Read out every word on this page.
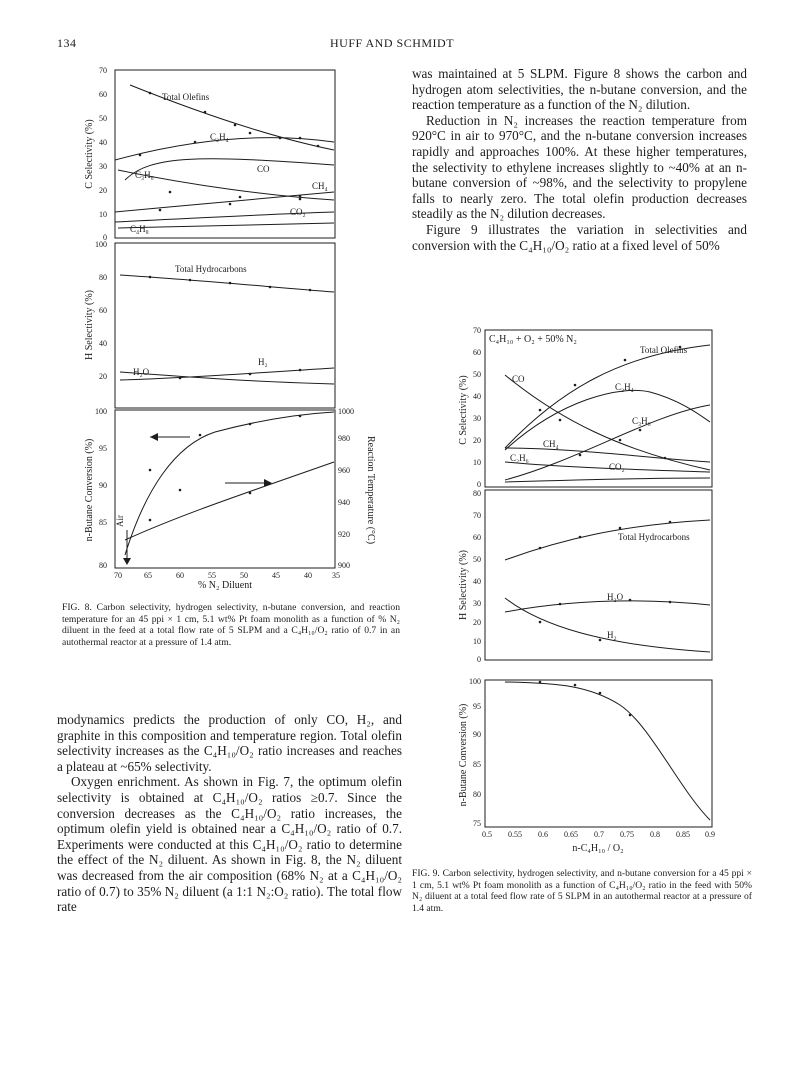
134	HUFF AND SCHMIDT

was maintained at 5 SLPM. Figure 8 shows the carbon and hydrogen atom selectivities, the n-butane conversion, and the reaction temperature as a function of the N₂ dilution.

Reduction in N₂ increases the reaction temperature from 920°C in air to 970°C, and the n-butane conversion increases rapidly and approaches 100%. At these higher temperatures, the selectivity to ethylene increases slightly to ~40% at an n-butane conversion of ~98%, and the selectivity to propylene falls to nearly zero. The total olefin production decreases steadily as the N₂ dilution decreases.

Figure 9 illustrates the variation in selectivities and conversion with the C₄H₁₀/O₂ ratio at a fixed level of 50%

modynamics predicts the production of only CO, H₂, and graphite in this composition and temperature region. Total olefin selectivity increases as the C₄H₁₀/O₂ ratio increases and reaches a plateau at ~65% selectivity.

Oxygen enrichment. As shown in Fig. 7, the optimum olefin selectivity is obtained at C₄H₁₀/O₂ ratios ≥0.7. Since the conversion decreases as the C₄H₁₀/O₂ ratio increases, the optimum olefin yield is obtained near a C₄H₁₀/O₂ ratio of 0.7. Experiments were conducted at this C₄H₁₀/O₂ ratio to determine the effect of the N₂ diluent. As shown in Fig. 8, the N₂ diluent was decreased from the air composition (68% N₂ at a C₄H₁₀/O₂ ratio of 0.7) to 35% N₂ diluent (a 1:1 N₂:O₂ ratio). The total flow rate

FIG. 8. Carbon selectivity, hydrogen selectivity, n-butane conversion, and reaction temperature for an 45 ppi × 1 cm, 5.1 wt% Pt foam monolith as a function of % N₂ diluent in the feed at a total flow rate of 5 SLPM and a C₄H₁₀/O₂ ratio of 0.7 in an autothermal reactor at a pressure of 1.4 atm.
FIG. 9. Carbon selectivity, hydrogen selectivity, and n-butane conversion for a 45 ppi × 1 cm, 5.1 wt% Pt foam monolith as a function of C₄H₁₀/O₂ ratio in the feed with 50% N₂ diluent at a total feed flow rate of 5 SLPM in an autothermal reactor at a pressure of 1.4 atm.
70
60
50
40
30
20
10
0
100
80
60
40
20
100
95
90
85
80	900
920
940
960
980
1000
70	65	60	55	50	45	40	35
Total Olefins
C₂H₄
C₃H₆
CO
CH₄
CO₂
C₄H₈
Total Hydrocarbons
H₂O
H₂
Air
% N₂ Diluent
C Selectivity (%)
H Selectivity (%)
n-Butane Conversion (%)	Reaction Temperature (°C)
C₄H₁₀ + O₂ + 50% N₂
Total Olefins
CO
C₂H₄
C₃H₆
CH₄
C₂H₆
CO₂
Total Hydrocarbons
H₂O
H₂
70
60
50
40
30
20
10
0
80
70
60
50
40
30
20
10
0
100
95
90
85
80
75
0.5 0.55 0.6 0.65 0.7 0.75 0.8 0.85 0.9
n-C₄H₁₀ / O₂
C Selectivity (%)
H Selectivity (%)
n-Butane Conversion (%)
